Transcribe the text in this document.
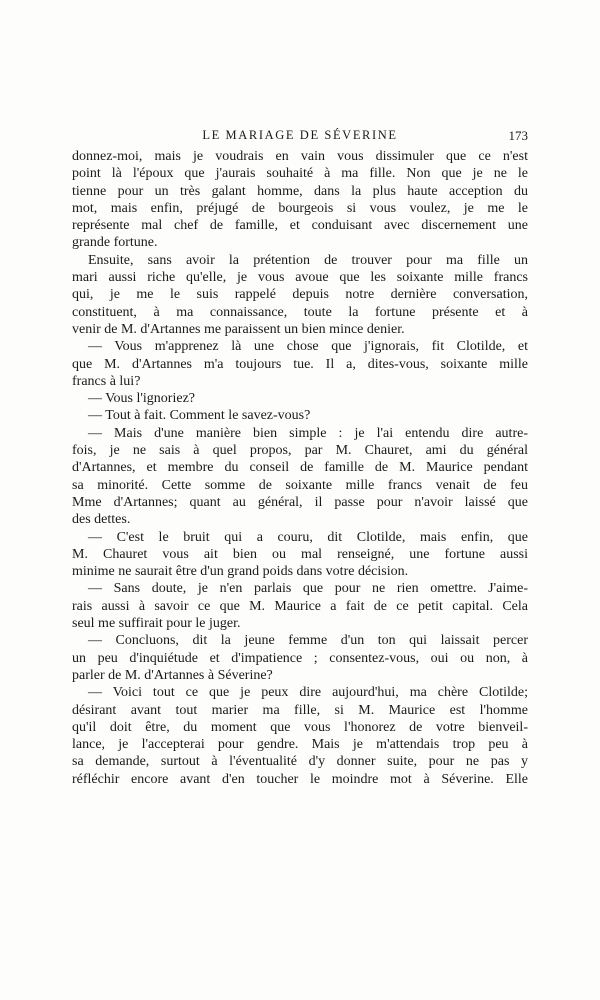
LE MARIAGE DE SÉVERINE	173
donnez-moi, mais je voudrais en vain vous dissimuler que ce n'est
point là l'époux que j'aurais souhaité à ma fille. Non que je ne le
tienne pour un très galant homme, dans la plus haute acception du
mot, mais enfin, préjugé de bourgeois si vous voulez, je me le
représente mal chef de famille, et conduisant avec discernement une
grande fortune.
Ensuite, sans avoir la prétention de trouver pour ma fille un
mari aussi riche qu'elle, je vous avoue que les soixante mille francs
qui, je me le suis rappelé depuis notre dernière conversation,
constituent, à ma connaissance, toute la fortune présente et à
venir de M. d'Artannes me paraissent un bien mince denier.
— Vous m'apprenez là une chose que j'ignorais, fit Clotilde, et
que M. d'Artannes m'a toujours tue. Il a, dites-vous, soixante mille
francs à lui?
— Vous l'ignoriez?
— Tout à fait. Comment le savez-vous?
— Mais d'une manière bien simple : je l'ai entendu dire autre-
fois, je ne sais à quel propos, par M. Chauret, ami du général
d'Artannes, et membre du conseil de famille de M. Maurice pendant
sa minorité. Cette somme de soixante mille francs venait de feu
Mme d'Artannes; quant au général, il passe pour n'avoir laissé que
des dettes.
— C'est le bruit qui a couru, dit Clotilde, mais enfin, que
M. Chauret vous ait bien ou mal renseigné, une fortune aussi
minime ne saurait être d'un grand poids dans votre décision.
— Sans doute, je n'en parlais que pour ne rien omettre. J'aime-
rais aussi à savoir ce que M. Maurice a fait de ce petit capital. Cela
seul me suffirait pour le juger.
— Concluons, dit la jeune femme d'un ton qui laissait percer
un peu d'inquiétude et d'impatience ; consentez-vous, oui ou non, à
parler de M. d'Artannes à Séverine?
— Voici tout ce que je peux dire aujourd'hui, ma chère Clotilde;
désirant avant tout marier ma fille, si M. Maurice est l'homme
qu'il doit être, du moment que vous l'honorez de votre bienveil-
lance, je l'accepterai pour gendre. Mais je m'attendais trop peu à
sa demande, surtout à l'éventualité d'y donner suite, pour ne pas y
réfléchir encore avant d'en toucher le moindre mot à Séverine. Elle
